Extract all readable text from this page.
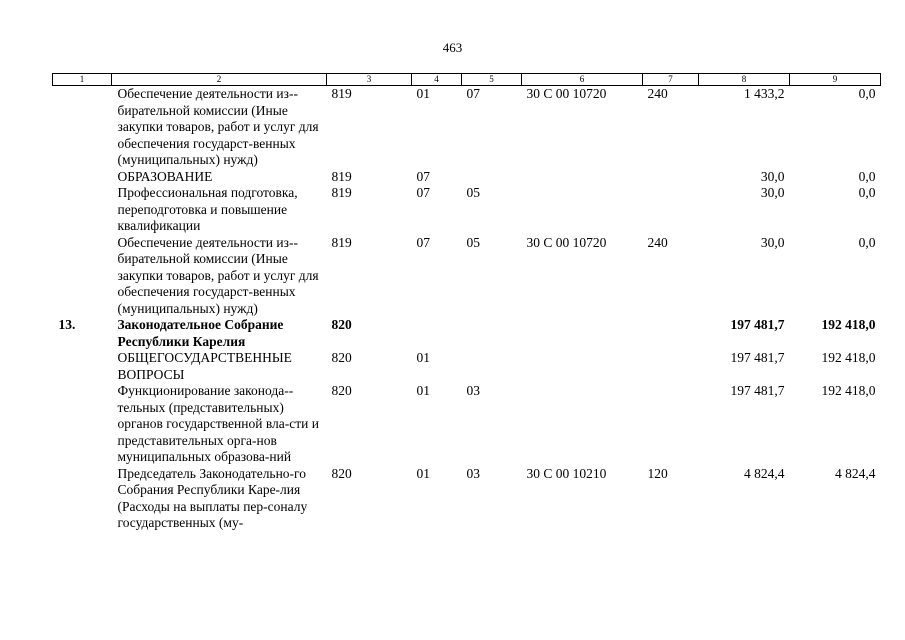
463
1	2	3	4	5	6	7	8	9
	Обеспечение деятельности из-бирательной комиссии (Иные закупки товаров, работ и услуг для обеспечения государст-венных (муниципальных) нужд)	819	01	07	30 С 00 10720	240	1 433,2	0,0
	ОБРАЗОВАНИЕ	819	07				30,0	0,0
	Профессиональная подготовка, переподготовка и повышение квалификации	819	07	05			30,0	0,0
	Обеспечение деятельности из-бирательной комиссии (Иные закупки товаров, работ и услуг для обеспечения государст-венных (муниципальных) нужд)	819	07	05	30 С 00 10720	240	30,0	0,0
13.	Законодательное Собрание Республики Карелия	820					197 481,7	192 418,0
	ОБЩЕГОСУДАРСТВЕННЫЕ ВОПРОСЫ	820	01				197 481,7	192 418,0
	Функционирование законода-тельных (представительных) органов государственной вла-сти и представительных орга-нов муниципальных образова-ний	820	01	03			197 481,7	192 418,0
	Председатель Законодательно-го Собрания Республики Каре-лия (Расходы на выплаты пер-соналу государственных (му-	820	01	03	30 С 00 10210	120	4 824,4	4 824,4
